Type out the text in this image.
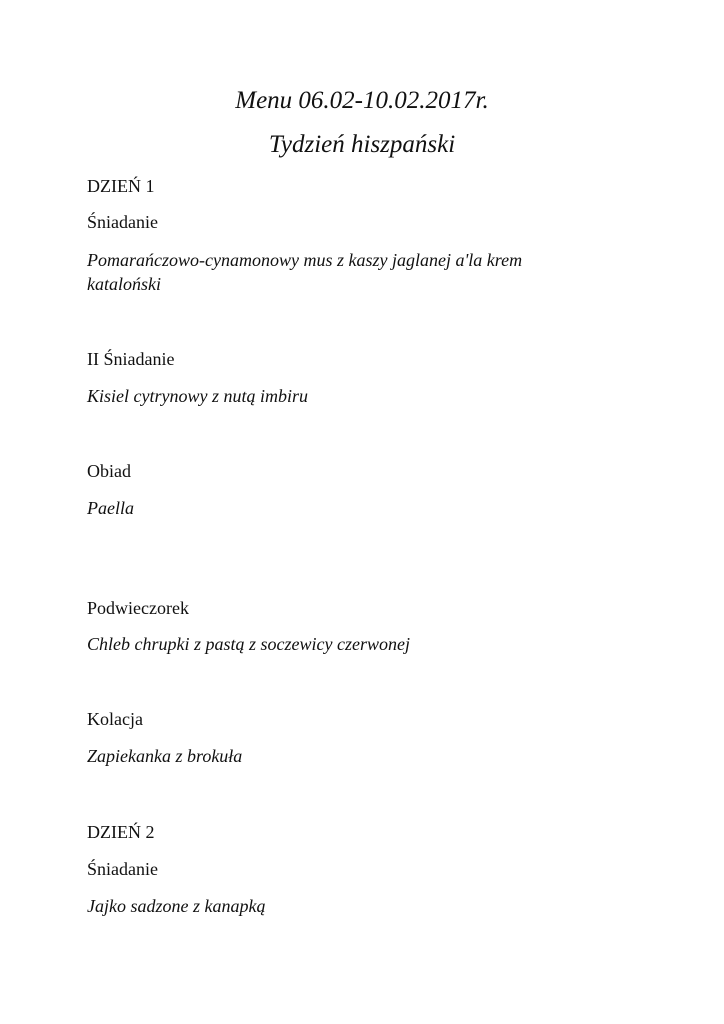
Menu 06.02-10.02.2017r.
Tydzień hiszpański
DZIEŃ 1
Śniadanie
Pomarańczowo-cynamonowy mus z kaszy jaglanej a'la krem kataloński
II Śniadanie
Kisiel cytrynowy z nutą imbiru
Obiad
Paella
Podwieczorek
Chleb chrupki z pastą z soczewicy czerwonej
Kolacja
Zapiekanka z brokuła
DZIEŃ 2
Śniadanie
Jajko sadzone z kanapką
